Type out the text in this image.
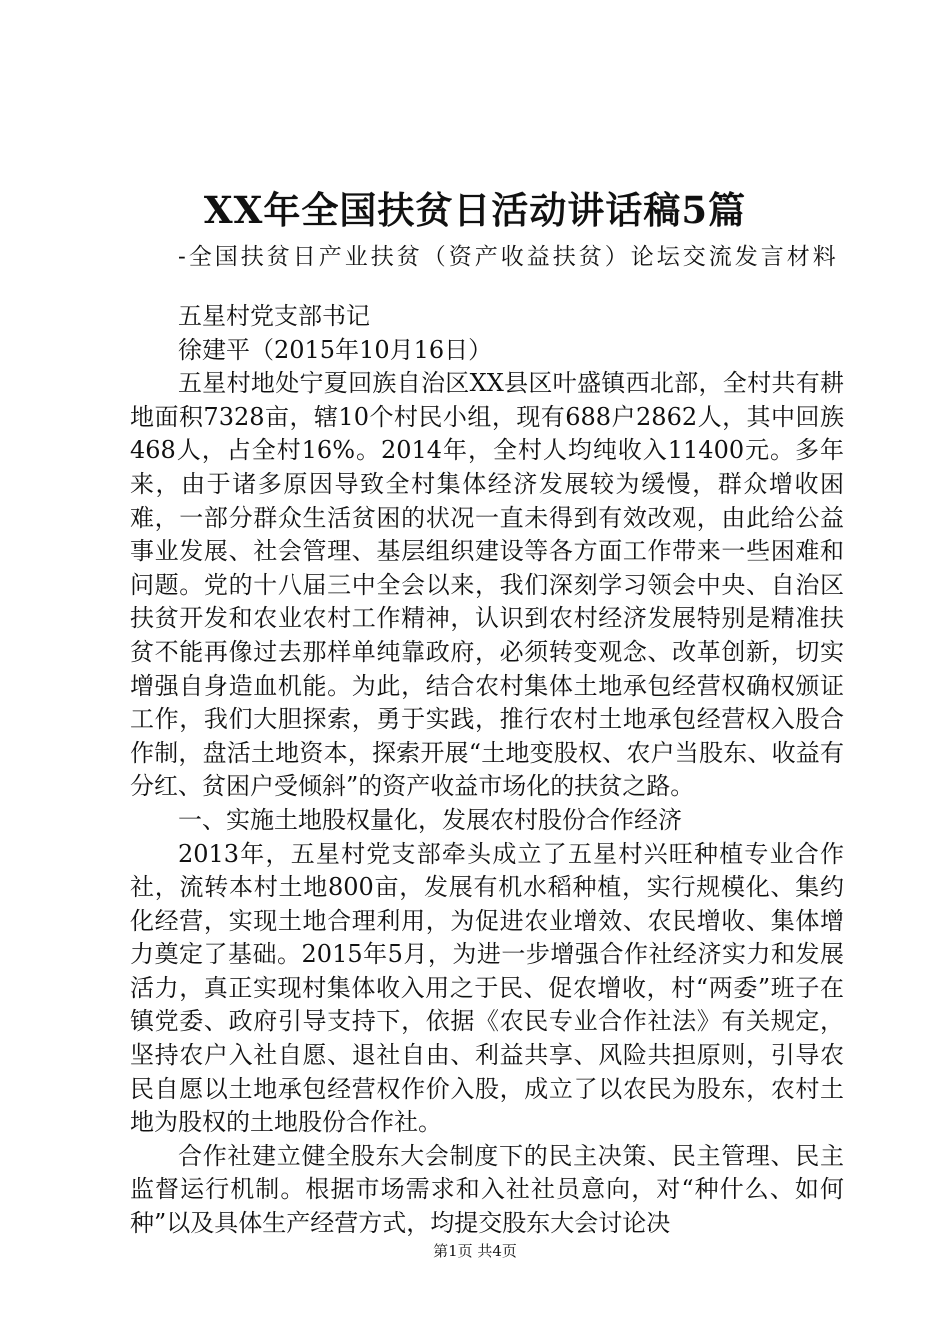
XX年全国扶贫日活动讲话稿5篇
-全国扶贫日产业扶贫（资产收益扶贫）论坛交流发言材料

五星村党支部书记

徐建平（2015年10月16日）

五星村地处宁夏回族自治区XX县区叶盛镇西北部，全村共有耕地面积7328亩，辖10个村民小组，现有688户2862人，其中回族468人，占全村16%。2014年，全村人均纯收入11400元。多年来，由于诸多原因导致全村集体经济发展较为缓慢，群众增收困难，一部分群众生活贫困的状况一直未得到有效改观，由此给公益事业发展、社会管理、基层组织建设等各方面工作带来一些困难和问题。党的十八届三中全会以来，我们深刻学习领会中央、自治区扶贫开发和农业农村工作精神，认识到农村经济发展特别是精准扶贫不能再像过去那样单纯靠政府，必须转变观念、改革创新，切实增强自身造血机能。为此，结合农村集体土地承包经营权确权颁证工作，我们大胆探索，勇于实践，推行农村土地承包经营权入股合作制，盘活土地资本，探索开展“土地变股权、农户当股东、收益有分红、贫困户受倾斜”的资产收益市场化的扶贫之路。

一、实施土地股权量化，发展农村股份合作经济

2013年，五星村党支部牵头成立了五星村兴旺种植专业合作社，流转本村土地800亩，发展有机水稻种植，实行规模化、集约化经营，实现土地合理利用，为促进农业增效、农民增收、集体增力奠定了基础。2015年5月，为进一步增强合作社经济实力和发展活力，真正实现村集体收入用之于民、促农增收，村“两委”班子在镇党委、政府引导支持下，依据《农民专业合作社法》有关规定，坚持农户入社自愿、退社自由、利益共享、风险共担原则，引导农民自愿以土地承包经营权作价入股，成立了以农民为股东，农村土地为股权的土地股份合作社。

合作社建立健全股东大会制度下的民主决策、民主管理、民主监督运行机制。根据市场需求和入社社员意向，对“种什么、如何种”以及具体生产经营方式，均提交股东大会讨论决

第1页 共4页
